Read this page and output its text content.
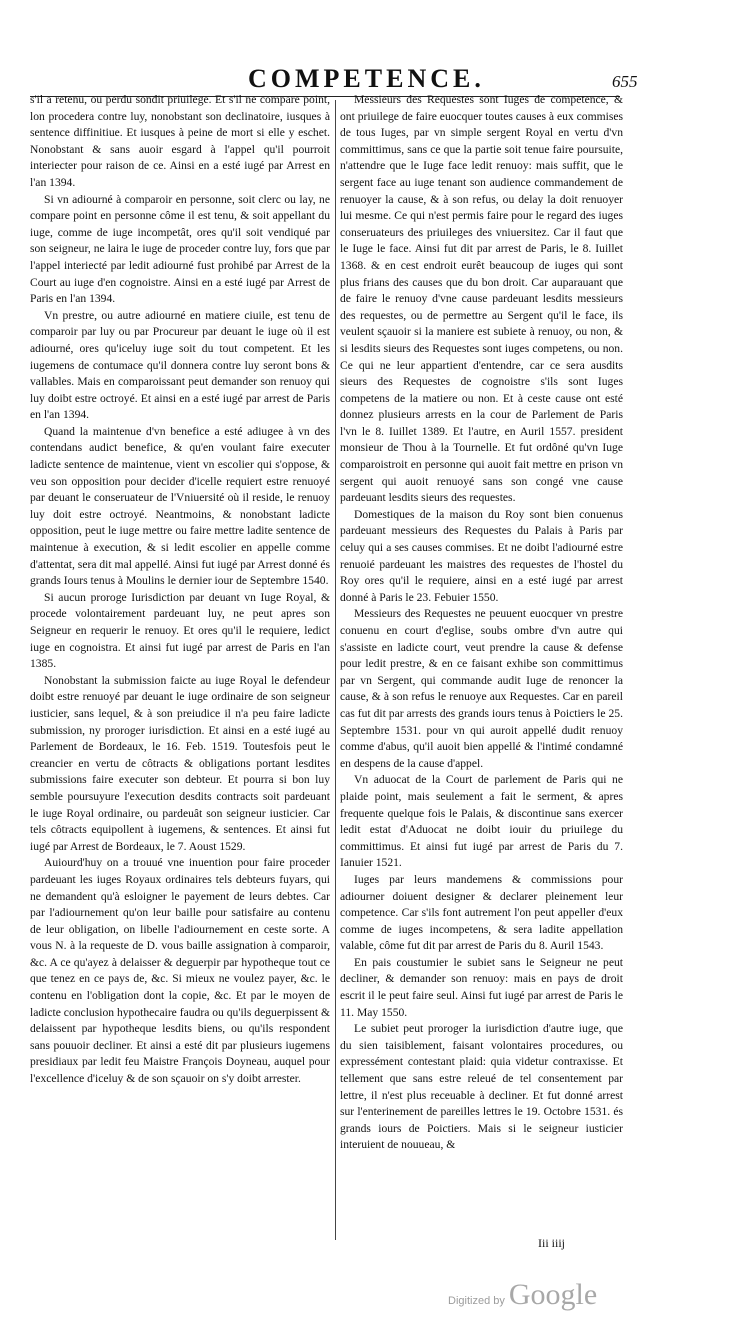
COMPETENCE.	655

s'il a retenu, ou perdu sondit priuilege. Et s'il ne compare point, lon procedera contre luy, nonobstant son declinatoire, iusques à sentence diffinitiue. Et iusques à peine de mort si elle y eschet. Nonobstant & sans auoir esgard à l'appel qu'il pourroit interiecter pour raison de ce. Ainsi en a esté iugé par Arrest en l'an 1394.

Si vn adiourné à comparoir en personne, soit clerc ou lay, ne compare point en personne côme il est tenu, & soit appellant du iuge, comme de iuge incompetât, ores qu'il soit vendiqué par son seigneur, ne laira le iuge de proceder contre luy, fors que par l'appel interiecté par ledit adiourné fust prohibé par Arrest de la Court au iuge d'en cognoistre. Ainsi en a esté iugé par Arrest de Paris en l'an 1394.

Vn prestre, ou autre adiourné en matiere ciuile, est tenu de comparoir par luy ou par Procureur par deuant le iuge où il est adiourné, ores qu'iceluy iuge soit du tout competent. Et les iugemens de contumace qu'il donnera contre luy seront bons & vallables. Mais en comparoissant peut demander son renuoy qui luy doibt estre octroyé. Et ainsi en a esté iugé par arrest de Paris en l'an 1394.

Quand la maintenue d'vn benefice a esté adiugee à vn des contendans audict benefice, & qu'en voulant faire executer ladicte sentence de maintenue, vient vn escolier qui s'oppose, & veu son opposition pour decider d'icelle requiert estre renuoyé par deuant le conseruateur de l'Vniuersité où il reside, le renuoy luy doit estre octroyé. Neantmoins, & nonobstant ladicte opposition, peut le iuge mettre ou faire mettre ladite sentence de maintenue à execution, & si ledit escolier en appelle comme d'attentat, sera dit mal appellé. Ainsi fut iugé par Arrest donné és grands Iours tenus à Moulins le dernier iour de Septembre 1540.

Si aucun proroge Iurisdiction par deuant vn Iuge Royal, & procede volontairement pardeuant luy, ne peut apres son Seigneur en requerir le renuoy. Et ores qu'il le requiere, ledict iuge en cognoistra. Et ainsi fut iugé par arrest de Paris en l'an 1385.

Nonobstant la submission faicte au iuge Royal le defendeur doibt estre renuoyé par deuant le iuge ordinaire de son seigneur iusticier, sans lequel, & à son preiudice il n'a peu faire ladicte submission, ny proroger iurisdiction. Et ainsi en a esté iugé au Parlement de Bordeaux, le 16. Feb. 1519. Toutesfois peut le creancier en vertu de côtracts & obligations portant lesdites submissions faire executer son debteur. Et pourra si bon luy semble poursuyure l'execution desdits contracts soit pardeuant le iuge Royal ordinaire, ou pardeuât son seigneur iusticier. Car tels côtracts equipollent à iugemens, & sentences. Et ainsi fut iugé par Arrest de Bordeaux, le 7. Aoust 1529.

Auiourd'huy on a trouué vne inuention pour faire proceder pardeuant les iuges Royaux ordinaires tels debteurs fuyars, qui ne demandent qu'à esloigner le payement de leurs debtes. Car par l'adiournement qu'on leur baille pour satisfaire au contenu de leur obligation, on libelle l'adiournement en ceste sorte. A vous N. à la requeste de D. vous baille assignation à comparoir, &c. A ce qu'ayez à delaisser & deguerpir par hypotheque tout ce que tenez en ce pays de, &c. Si mieux ne voulez payer, &c. le contenu en l'obligation dont la copie, &c. Et par le moyen de ladicte conclusion hypothecaire faudra ou qu'ils deguerpissent & delaissent par hypotheque lesdits biens, ou qu'ils respondent sans pouuoir decliner. Et ainsi a esté dit par plusieurs iugemens presidiaux par ledit feu Maistre François Doyneau, auquel pour l'excellence d'iceluy & de son sçauoir on s'y doibt arrester.

Messieurs des Requestes sont Iuges de competence, & ont priuilege de faire euocquer toutes causes à eux commises de tous Iuges, par vn simple sergent Royal en vertu d'vn committimus, sans ce que la partie soit tenue faire poursuite, n'attendre que le Iuge face ledit renuoy: mais suffit, que le sergent face au iuge tenant son audience commandement de renuoyer la cause, & à son refus, ou delay la doit renuoyer lui mesme. Ce qui n'est permis faire pour le regard des iuges conseruateurs des priuileges des vniuersitez. Car il faut que le Iuge le face. Ainsi fut dit par arrest de Paris, le 8. Iuillet 1368. & en cest endroit eurêt beaucoup de iuges qui sont plus frians des causes que du bon droit. Car auparauant que de faire le renuoy d'vne cause pardeuant lesdits messieurs des requestes, ou de permettre au Sergent qu'il le face, ils veulent sçauoir si la maniere est subiete à renuoy, ou non, & si lesdits sieurs des Requestes sont iuges competens, ou non. Ce qui ne leur appartient d'entendre, car ce sera ausdits sieurs des Requestes de cognoistre s'ils sont Iuges competens de la matiere ou non. Et à ceste cause ont esté donnez plusieurs arrests en la cour de Parlement de Paris l'vn le 8. Iuillet 1389. Et l'autre, en Auril 1557. president monsieur de Thou à la Tournelle. Et fut ordôné qu'vn Iuge comparoistroit en personne qui auoit fait mettre en prison vn sergent qui auoit renuoyé sans son congé vne cause pardeuant lesdits sieurs des requestes.

Domestiques de la maison du Roy sont bien conuenus pardeuant messieurs des Requestes du Palais à Paris par celuy qui a ses causes commises. Et ne doibt l'adiourné estre renuoié pardeuant les maistres des requestes de l'hostel du Roy ores qu'il le requiere, ainsi en a esté iugé par arrest donné à Paris le 23. Febuier 1550.

Messieurs des Requestes ne peuuent euocquer vn prestre conuenu en court d'eglise, soubs ombre d'vn autre qui s'assiste en ladicte court, veut prendre la cause & defense pour ledit prestre, & en ce faisant exhibe son committimus par vn Sergent, qui commande audit Iuge de renoncer la cause, & à son refus le renuoye aux Requestes. Car en pareil cas fut dit par arrests des grands iours tenus à Poictiers le 25. Septembre 1531. pour vn qui auroit appellé dudit renuoy comme d'abus, qu'il auoit bien appellé & l'intimé condamné en despens de la cause d'appel.

Vn aduocat de la Court de parlement de Paris qui ne plaide point, mais seulement a fait le serment, & apres frequente quelque fois le Palais, & discontinue sans exercer ledit estat d'Aduocat ne doibt iouir du priuilege du committimus. Et ainsi fut iugé par arrest de Paris du 7. Ianuier 1521.

Iuges par leurs mandemens & commissions pour adiourner doiuent designer & declarer pleinement leur competence. Car s'ils font autrement l'on peut appeller d'eux comme de iuges incompetens, & sera ladite appellation valable, côme fut dit par arrest de Paris du 8. Auril 1543.

En pais coustumier le subiet sans le Seigneur ne peut decliner, & demander son renuoy: mais en pays de droit escrit il le peut faire seul. Ainsi fut iugé par arrest de Paris le 11. May 1550.

Le subiet peut proroger la iurisdiction d'autre iuge, que du sien taisiblement, faisant volontaires procedures, ou expressément contestant plaid: quia videtur contraxisse. Et tellement que sans estre releué de tel consentement par lettre, il n'est plus receuable à decliner. Et fut donné arrest sur l'enterinement de pareilles lettres le 19. Octobre 1531. és grands iours de Poictiers. Mais si le seigneur iusticier interuient de nouueau, &

Iii iiij
Digitized by Google
